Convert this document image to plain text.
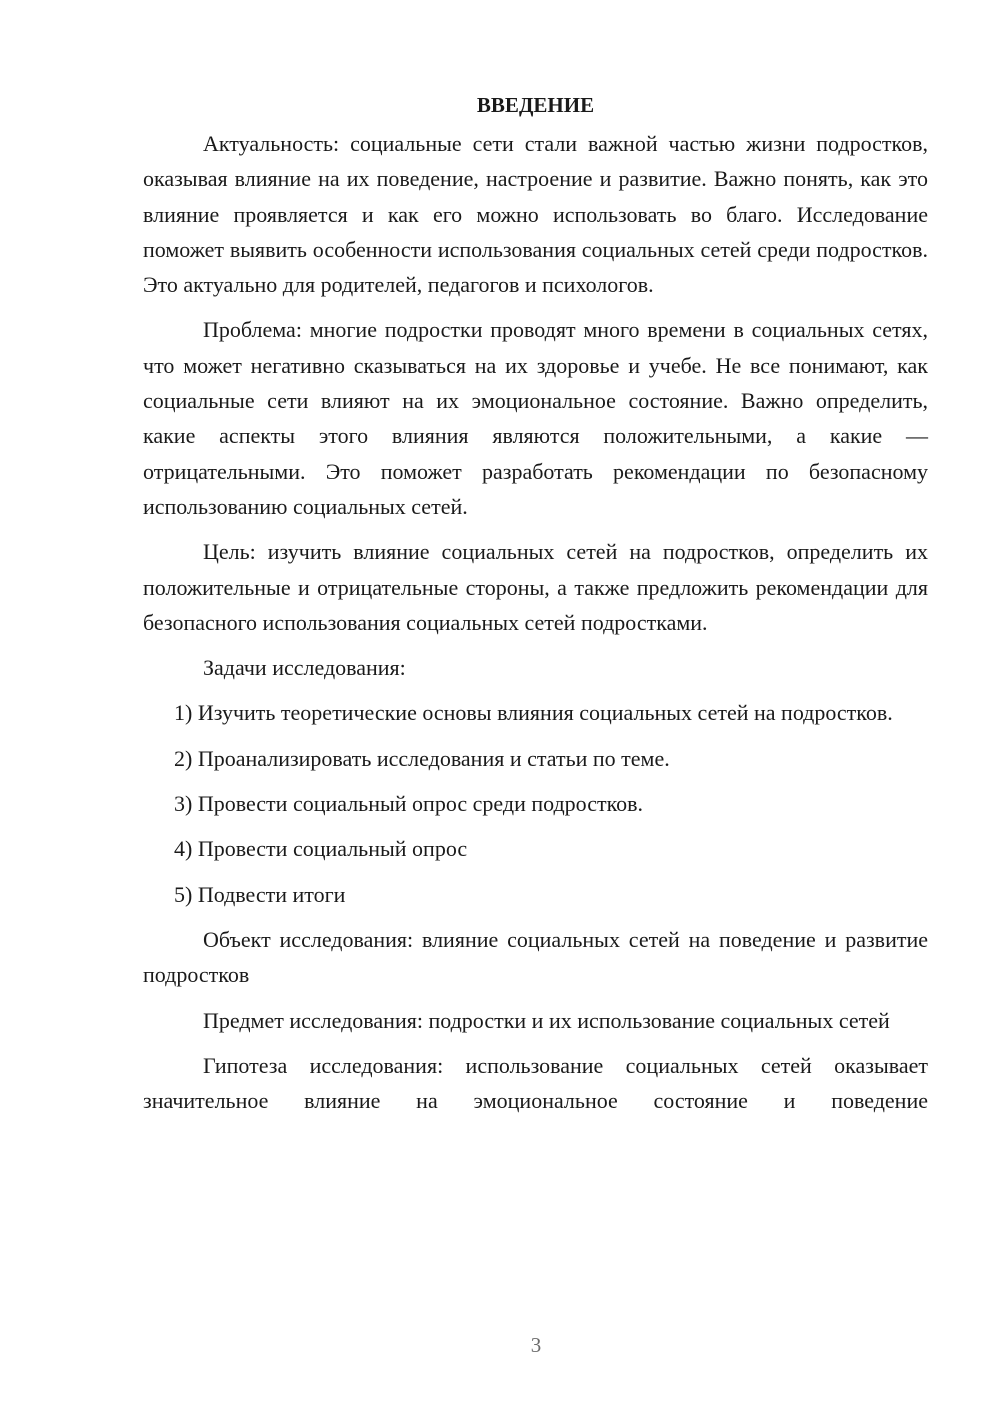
ВВЕДЕНИЕ

Актуальность: социальные сети стали важной частью жизни подростков, оказывая влияние на их поведение, настроение и развитие. Важно понять, как это влияние проявляется и как его можно использовать во благо. Исследование поможет выявить особенности использования социальных сетей среди подростков. Это актуально для родителей, педагогов и психологов.

Проблема: многие подростки проводят много времени в социальных сетях, что может негативно сказываться на их здоровье и учебе. Не все понимают, как социальные сети влияют на их эмоциональное состояние. Важно определить, какие аспекты этого влияния являются положительными, а какие — отрицательными. Это поможет разработать рекомендации по безопасному использованию социальных сетей.

Цель: изучить влияние социальных сетей на подростков, определить их положительные и отрицательные стороны, а также предложить рекомендации для безопасного использования социальных сетей подростками.

Задачи исследования:

1) Изучить теоретические основы влияния социальных сетей на подростков.

2) Проанализировать исследования и статьи по теме.

3) Провести социальный опрос среди подростков.

4) Провести социальный опрос

5) Подвести итоги

Объект исследования: влияние социальных сетей на поведение и развитие подростков

Предмет исследования: подростки и их использование социальных сетей

Гипотеза исследования: использование социальных сетей оказывает значительное влияние на эмоциональное состояние и поведение

3
